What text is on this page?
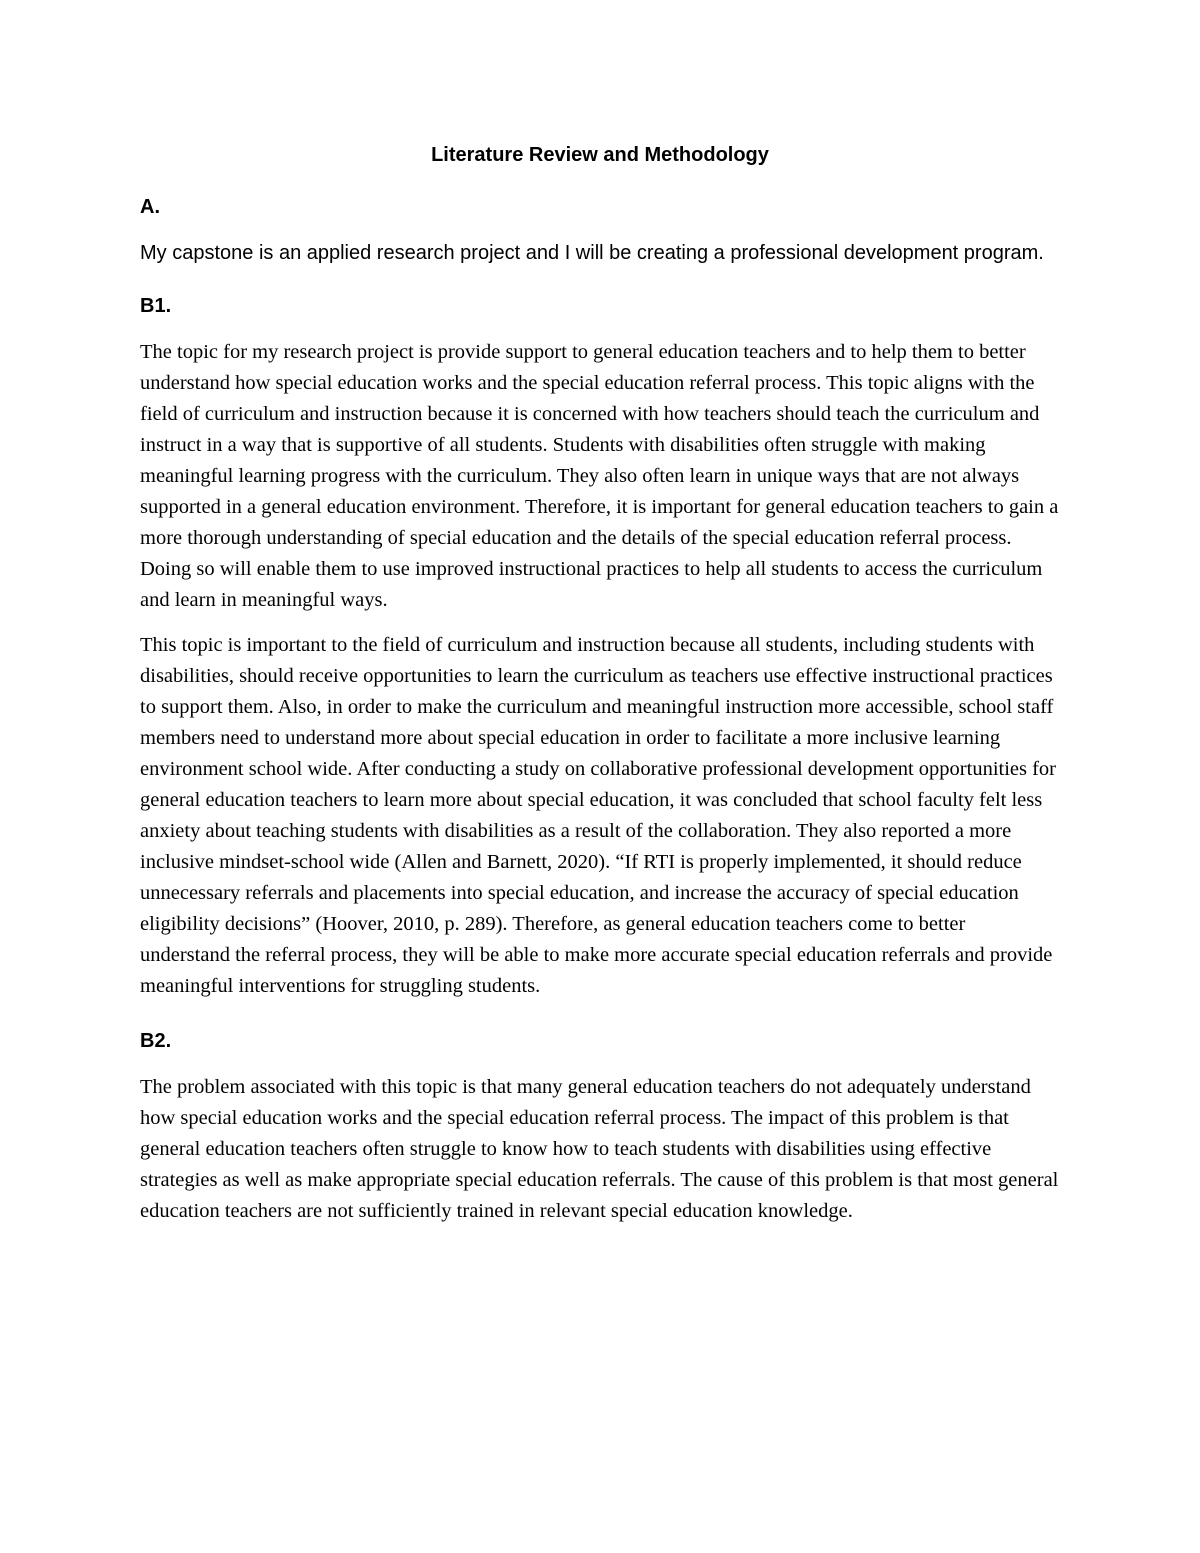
Literature Review and Methodology
A.

My capstone is an applied research project and I will be creating a professional development program.

B1.

The topic for my research project is provide support to general education teachers and to help them to better understand how special education works and the special education referral process. This topic aligns with the field of curriculum and instruction because it is concerned with how teachers should teach the curriculum and instruct in a way that is supportive of all students. Students with disabilities often struggle with making meaningful learning progress with the curriculum. They also often learn in unique ways that are not always supported in a general education environment. Therefore, it is important for general education teachers to gain a more thorough understanding of special education and the details of the special education referral process. Doing so will enable them to use improved instructional practices to help all students to access the curriculum and learn in meaningful ways.

This topic is important to the field of curriculum and instruction because all students, including students with disabilities, should receive opportunities to learn the curriculum as teachers use effective instructional practices to support them. Also, in order to make the curriculum and meaningful instruction more accessible, school staff members need to understand more about special education in order to facilitate a more inclusive learning environment school wide. After conducting a study on collaborative professional development opportunities for general education teachers to learn more about special education, it was concluded that school faculty felt less anxiety about teaching students with disabilities as a result of the collaboration. They also reported a more inclusive mindset-school wide (Allen and Barnett, 2020). “If RTI is properly implemented, it should reduce unnecessary referrals and placements into special education, and increase the accuracy of special education eligibility decisions” (Hoover, 2010, p. 289). Therefore, as general education teachers come to better understand the referral process, they will be able to make more accurate special education referrals and provide meaningful interventions for struggling students.

B2.

The problem associated with this topic is that many general education teachers do not adequately understand how special education works and the special education referral process. The impact of this problem is that general education teachers often struggle to know how to teach students with disabilities using effective strategies as well as make appropriate special education referrals. The cause of this problem is that most general education teachers are not sufficiently trained in relevant special education knowledge.
